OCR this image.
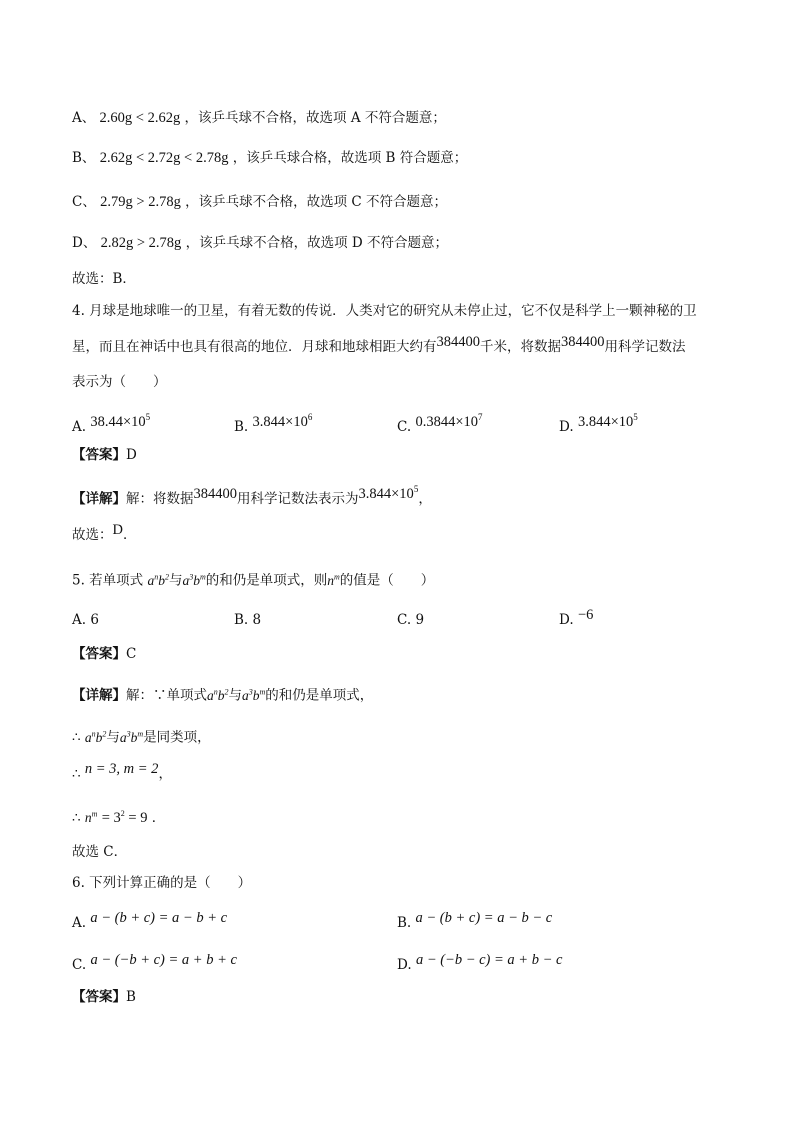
A、 2.60g < 2.62g ，该乒乓球不合格，故选项 A 不符合题意；
B、 2.62g < 2.72g < 2.78g ，该乒乓球合格，故选项 B 符合题意；
C、 2.79g > 2.78g ，该乒乓球不合格，故选项 C 不符合题意；
D、 2.82g > 2.78g ，该乒乓球不合格，故选项 D 不符合题意；
故选：B．
4. 月球是地球唯一的卫星，有着无数的传说．人类对它的研究从未停止过，它不仅是科学上一颗神秘的卫
星，而且在神话中也具有很高的地位．月球和地球相距大约有384400千米，将数据384400用科学记数法
表示为（　　）
A. $38.44\times 10^5$
B. $3.844\times 10^6$
C. $0.3844\times 10^7$
D. $3.844\times 10^5$
【答案】D
【详解】解：将数据384400用科学记数法表示为$3.844\times 10^5$，
故选：D．
5. 若单项式 $a^nb^2$与$a^3b^m$的和仍是单项式，则$n^m$的值是（　　）
A. 6	B. 8	C. 9	D. −6
【答案】C
【详解】解：∵单项式$a^nb^2$与$a^3b^m$的和仍是单项式，
∴ $a^nb^2$与$a^3b^m$是同类项，
∴ n = 3, m = 2，
∴ $n^m = 3^2 = 9$ ．
故选 C．
6. 下列计算正确的是（　　）
A. a − (b + c) = a − b + c	B. a − (b + c) = a − b − c
C. a − (−b + c) = a + b + c	D. a − (−b − c) = a + b − c
【答案】B
